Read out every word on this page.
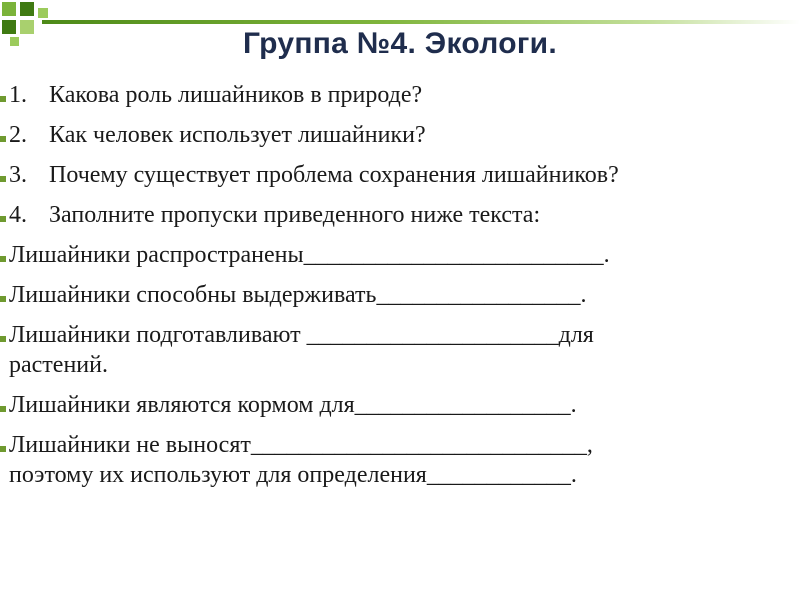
Группа №4. Экологи.
1. Какова роль лишайников в природе?
2. Как человек использует лишайники?
3. Почему существует проблема сохранения лишайников?
4. Заполните пропуски приведенного ниже текста:
Лишайники распространены_________________________.
Лишайники способны выдерживать_________________.
Лишайники подготавливают _____________________для
растений.
Лишайники являются кормом для__________________.
Лишайники не выносят____________________________,
поэтому их используют для определения____________.
